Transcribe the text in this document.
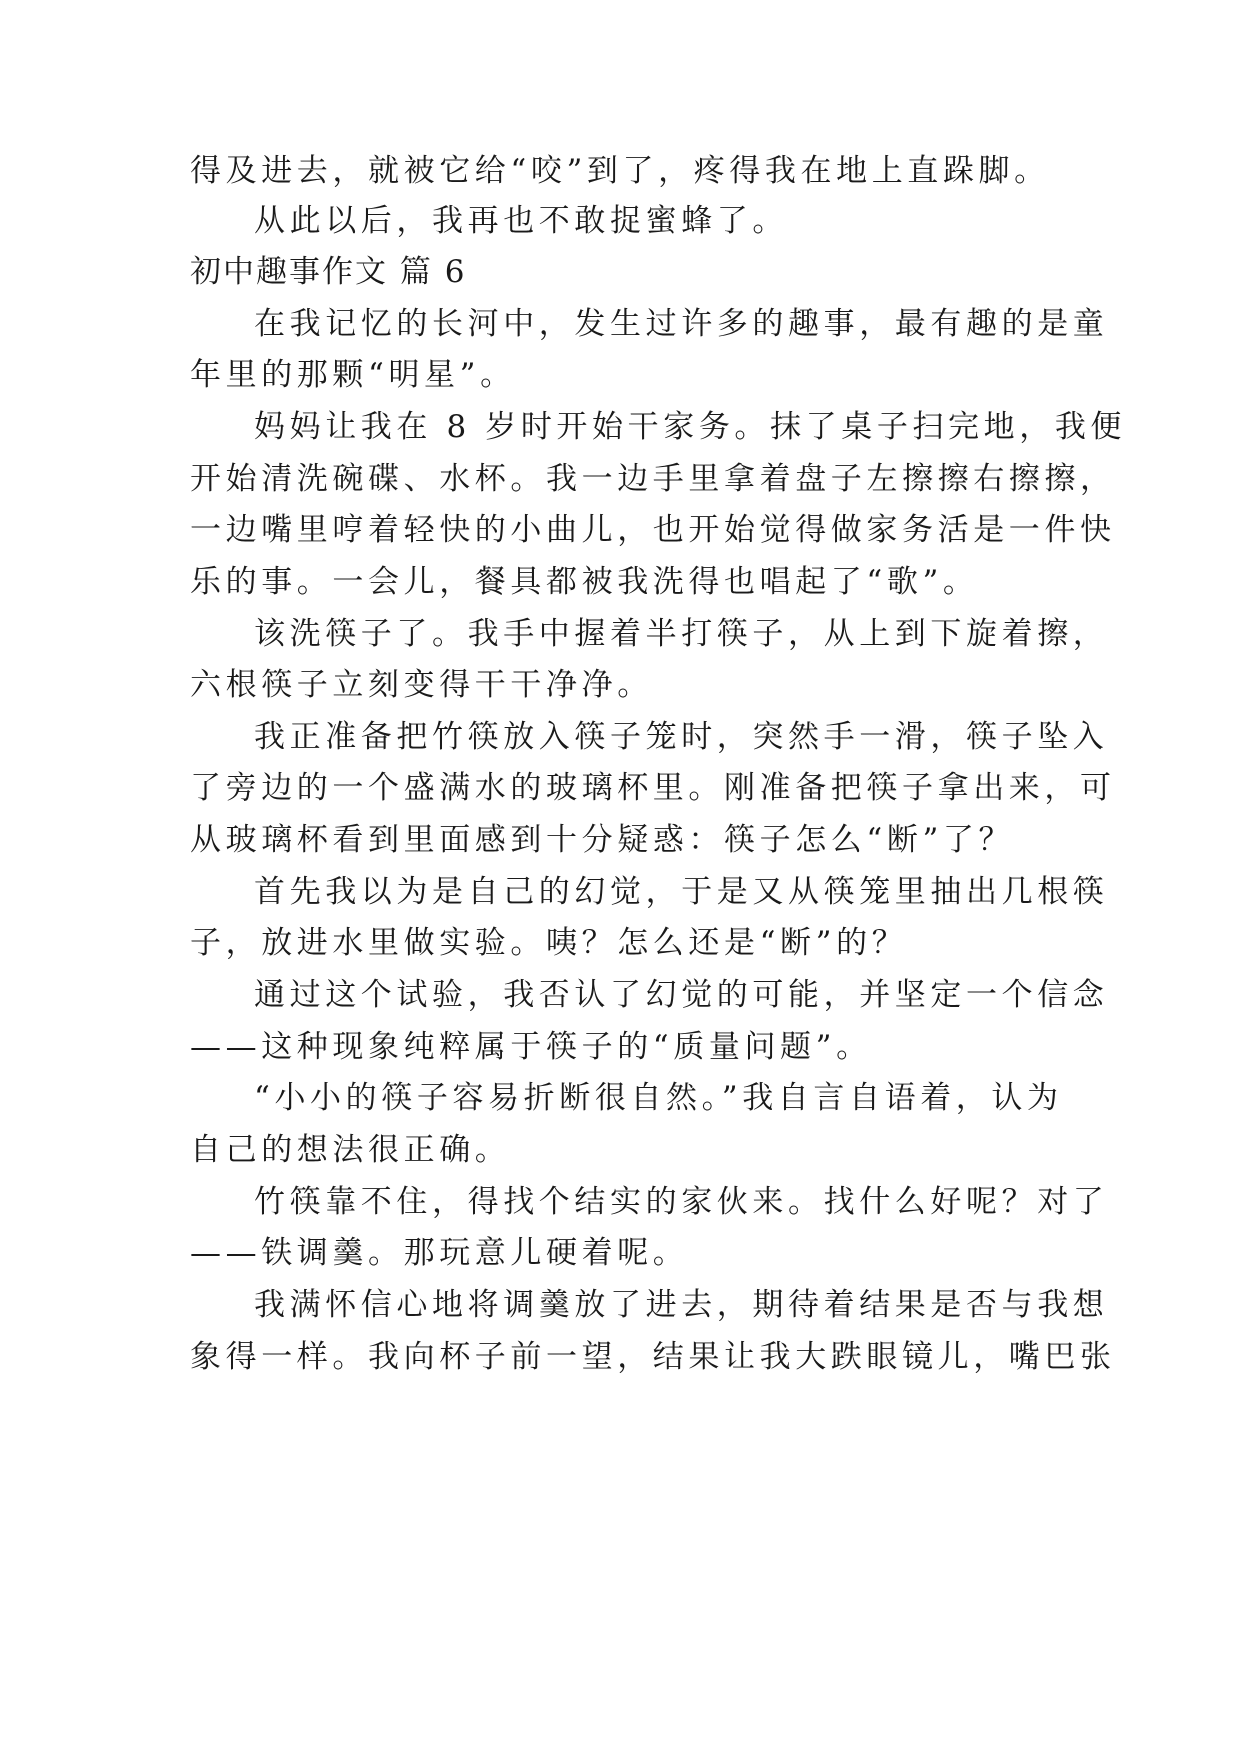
得及进去，就被它给“咬”到了，疼得我在地上直跺脚。
从此以后，我再也不敢捉蜜蜂了。
初中趣事作文 篇 6
在我记忆的长河中，发生过许多的趣事，最有趣的是童
年里的那颗“明星”。
妈妈让我在 8 岁时开始干家务。抹了桌子扫完地，我便
开始清洗碗碟、水杯。我一边手里拿着盘子左擦擦右擦擦，
一边嘴里哼着轻快的小曲儿，也开始觉得做家务活是一件快
乐的事。一会儿，餐具都被我洗得也唱起了“歌”。
该洗筷子了。我手中握着半打筷子，从上到下旋着擦，
六根筷子立刻变得干干净净。
我正准备把竹筷放入筷子笼时，突然手一滑，筷子坠入
了旁边的一个盛满水的玻璃杯里。刚准备把筷子拿出来，可
从玻璃杯看到里面感到十分疑惑：筷子怎么“断”了？
首先我以为是自己的幻觉，于是又从筷笼里抽出几根筷
子，放进水里做实验。咦？怎么还是“断”的？
通过这个试验，我否认了幻觉的可能，并坚定一个信念
——这种现象纯粹属于筷子的“质量问题”。
“小小的筷子容易折断很自然。”我自言自语着，认为
自己的想法很正确。
竹筷靠不住，得找个结实的家伙来。找什么好呢？对了
——铁调羹。那玩意儿硬着呢。
我满怀信心地将调羹放了进去，期待着结果是否与我想
象得一样。我向杯子前一望，结果让我大跌眼镜儿，嘴巴张
